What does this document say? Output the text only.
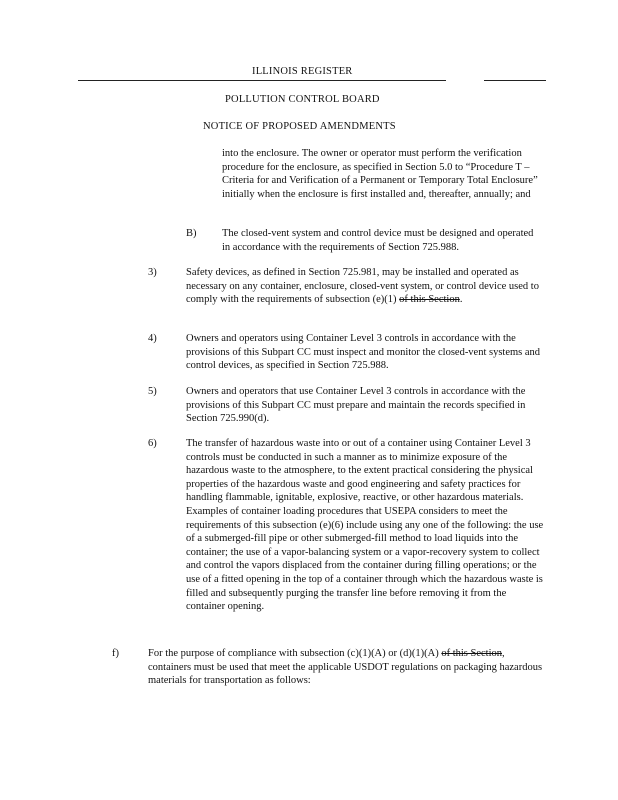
ILLINOIS REGISTER
POLLUTION CONTROL BOARD
NOTICE OF PROPOSED AMENDMENTS
into the enclosure. The owner or operator must perform the verification procedure for the enclosure, as specified in Section 5.0 to “Procedure T – Criteria for and Verification of a Permanent or Temporary Total Enclosure” initially when the enclosure is first installed and, thereafter, annually; and
B) The closed-vent system and control device must be designed and operated in accordance with the requirements of Section 725.988.
3)	Safety devices, as defined in Section 725.981, may be installed and operated as necessary on any container, enclosure, closed-vent system, or control device used to comply with the requirements of subsection (e)(1) of this Section.
4)	Owners and operators using Container Level 3 controls in accordance with the provisions of this Subpart CC must inspect and monitor the closed-vent systems and control devices, as specified in Section 725.988.
5)	Owners and operators that use Container Level 3 controls in accordance with the provisions of this Subpart CC must prepare and maintain the records specified in Section 725.990(d).
6)	The transfer of hazardous waste into or out of a container using Container Level 3 controls must be conducted in such a manner as to minimize exposure of the hazardous waste to the atmosphere, to the extent practical considering the physical properties of the hazardous waste and good engineering and safety practices for handling flammable, ignitable, explosive, reactive, or other hazardous materials. Examples of container loading procedures that USEPA considers to meet the requirements of this subsection (e)(6) include using any one of the following: the use of a submerged-fill pipe or other submerged-fill method to load liquids into the container; the use of a vapor-balancing system or a vapor-recovery system to collect and control the vapors displaced from the container during filling operations; or the use of a fitted opening in the top of a container through which the hazardous waste is filled and subsequently purging the transfer line before removing it from the container opening.
f)	For the purpose of compliance with subsection (c)(1)(A) or (d)(1)(A) of this Section, containers must be used that meet the applicable USDOT regulations on packaging hazardous materials for transportation as follows:
